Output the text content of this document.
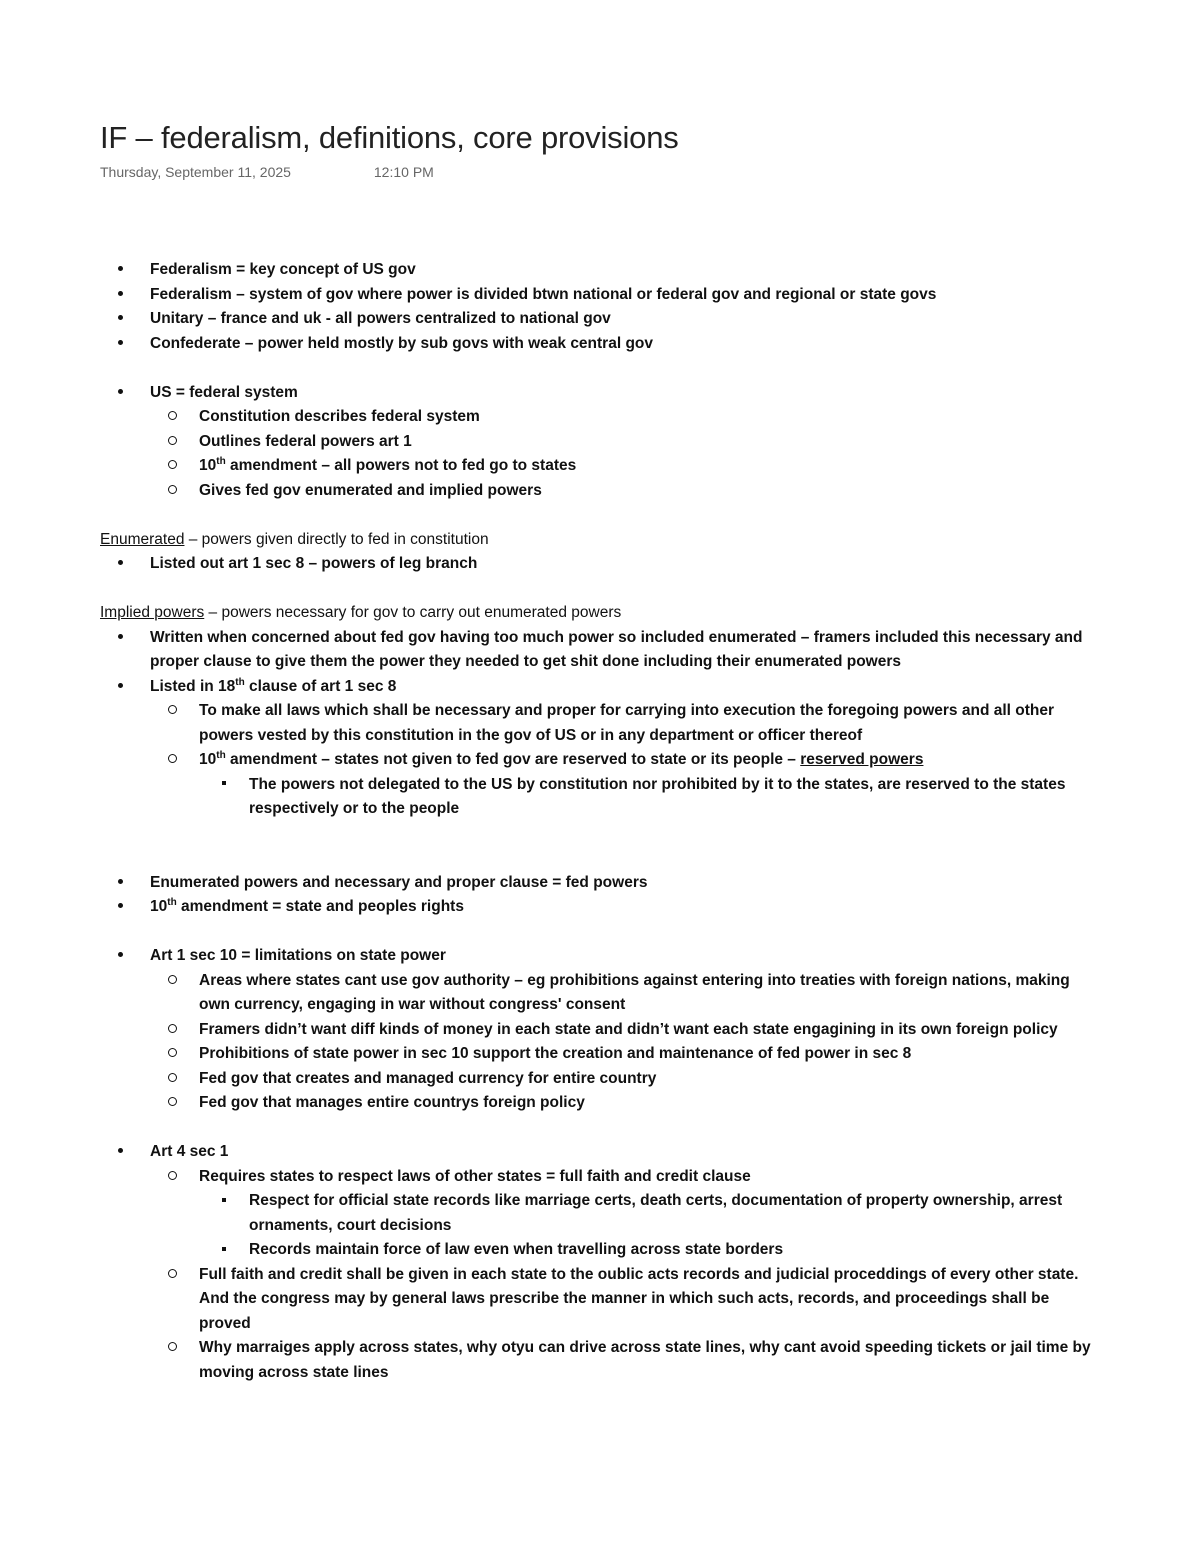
IF – federalism, definitions, core provisions
Thursday, September 11, 2025	12:10 PM
Federalism = key concept of US gov
Federalism – system of gov where power is divided btwn national or federal gov and regional or state govs
Unitary – france and uk - all powers centralized to national gov
Confederate – power held mostly by sub govs with weak central gov
US = federal system
Constitution describes federal system
Outlines federal powers art 1
10th amendment – all powers not to fed go to states
Gives fed gov enumerated and implied powers
Enumerated – powers given directly to fed in constitution
Listed out art 1 sec 8 – powers of leg branch
Implied powers – powers necessary for gov to carry out enumerated powers
Written when concerned about fed gov having too much power so included enumerated – framers included this necessary and proper clause to give them the power they needed to get shit done including their enumerated powers
Listed in 18th clause of art 1 sec 8
To make all laws which shall be necessary and proper for carrying into execution the foregoing powers and all other powers vested by this constitution in the gov of US or in any department or officer thereof
10th amendment – states not given to fed gov are reserved to state or its people – reserved powers
The powers not delegated to the US by constitution nor prohibited by it to the states, are reserved to the states respectively or to the people
Enumerated powers and necessary and proper clause = fed powers
10th amendment = state and peoples rights
Art 1 sec 10 = limitations on state power
Areas where states cant use gov authority – eg prohibitions against entering into treaties with foreign nations, making own currency, engaging in war without congress' consent
Framers didn’t want diff kinds of money in each state and didn’t want each state engagining in its own foreign policy
Prohibitions of state power in sec 10 support the creation and maintenance of fed power in sec 8
Fed gov that creates and managed currency for entire country
Fed gov that manages entire countrys foreign policy
Art 4 sec 1
Requires states to respect laws of other states = full faith and credit clause
Respect for official state records like marriage certs, death certs, documentation of property ownership, arrest ornaments, court decisions
Records maintain force of law even when travelling across state borders
Full faith and credit shall be given in each state to the oublic acts records and judicial proceddings of every other state. And the congress may by general laws prescribe the manner in which such acts, records, and proceedings shall be proved
Why marraiges apply across states, why otyu can drive across state lines, why cant avoid speeding tickets or jail time by moving across state lines
